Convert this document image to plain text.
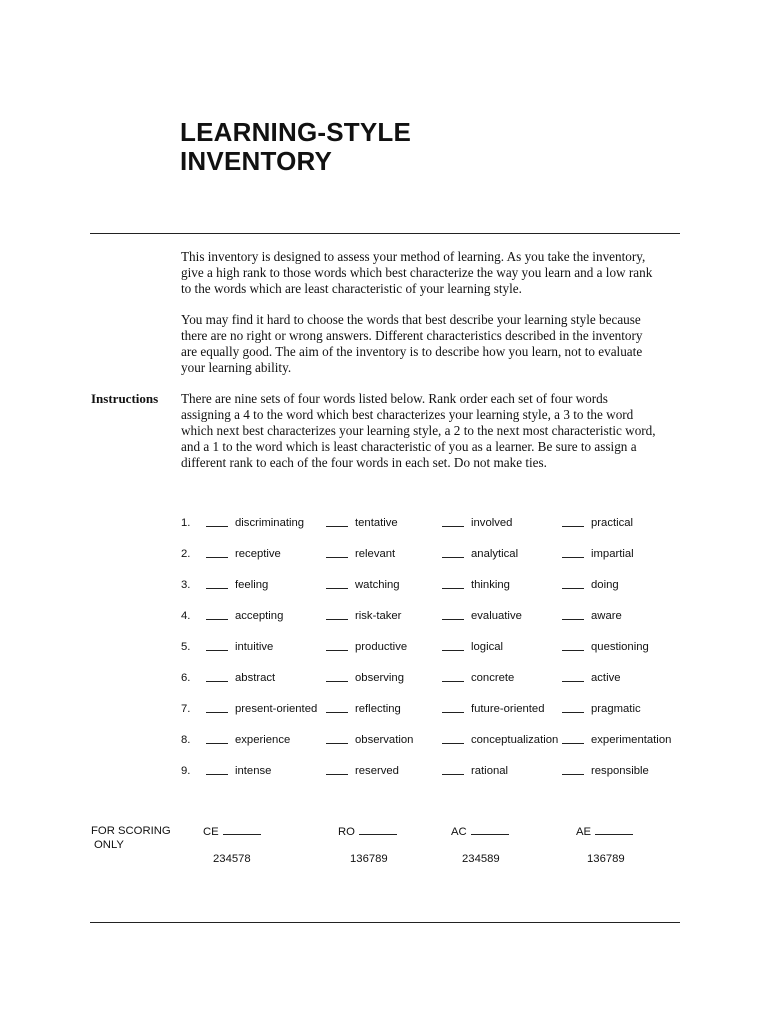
LEARNING-STYLE
INVENTORY
This inventory is designed to assess your method of learning. As you take the inventory,
give a high rank to those words which best characterize the way you learn and a low rank
to the words which are least characteristic of your learning style.
You may find it hard to choose the words that best describe your learning style because
there are no right or wrong answers. Different characteristics described in the inventory
are equally good. The aim of the inventory is to describe how you learn, not to evaluate
your learning ability.
Instructions There are nine sets of four words listed below. Rank order each set of four words
assigning a 4 to the word which best characterizes your learning style, a 3 to the word
which next best characterizes your learning style, a 2 to the next most characteristic word,
and a 1 to the word which is least characteristic of you as a learner. Be sure to assign a
different rank to each of the four words in each set. Do not make ties.
1.	discriminating	tentative	involved	practical
2.	receptive	relevant	analytical	impartial
3.	feeling	watching	thinking	doing
4.	accepting	risk-taker	evaluative	aware
5.	intuitive	productive	logical	questioning
6.	abstract	observing	concrete	active
7.	present-oriented	reflecting	future-oriented	pragmatic
8.	experience	observation	conceptualization	experimentation
9.	intense	reserved	rational	responsible
FOR SCORING
ONLY
CE
234578
RO
136789
AC
234589
AE
136789
